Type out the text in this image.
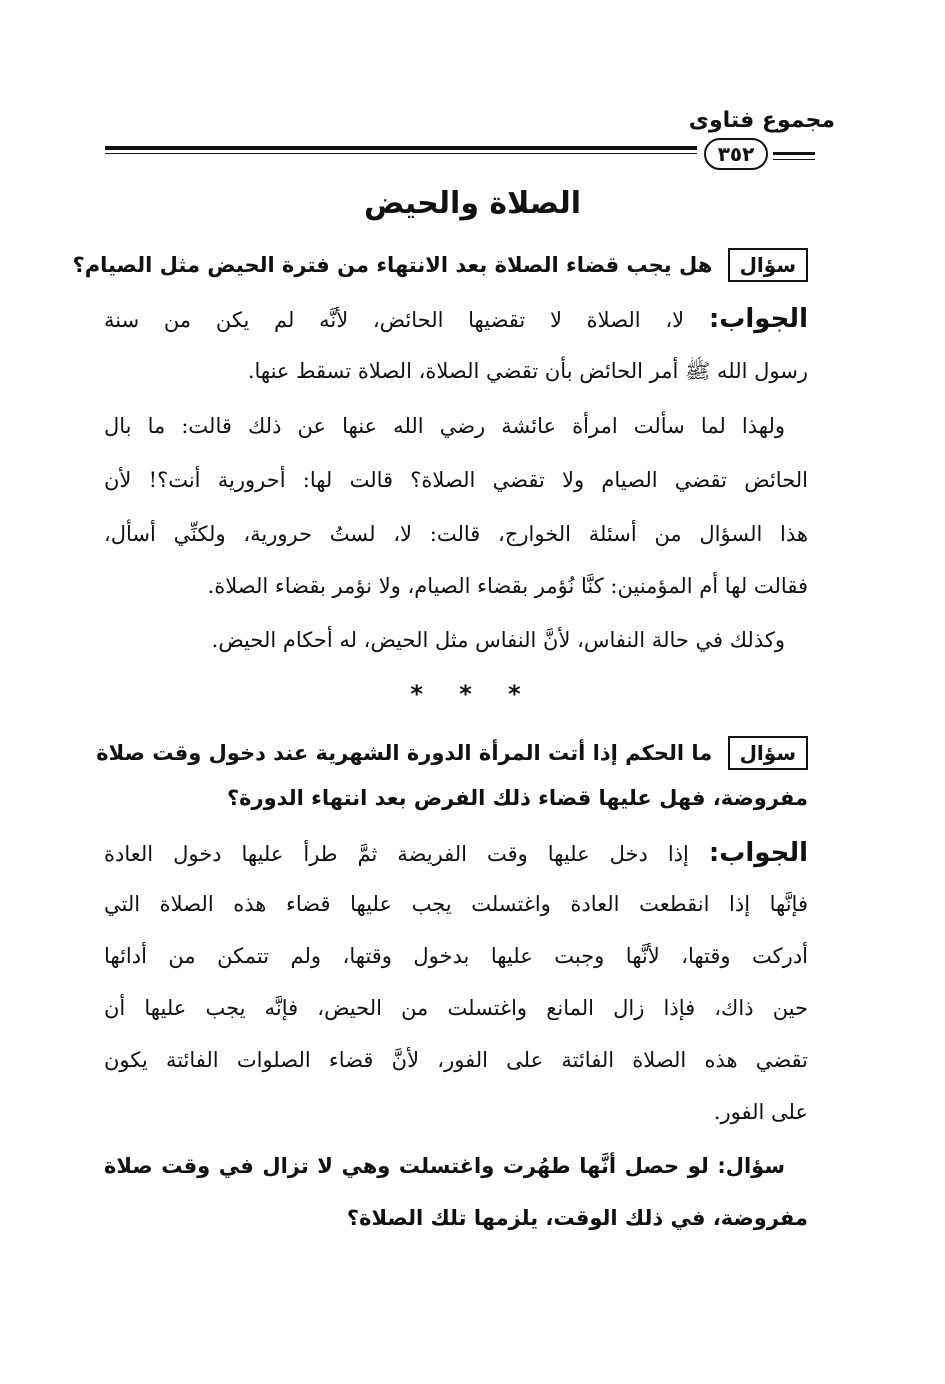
مجموع فتاوى
٣٥٢
الصلاة والحيض
سؤال هل يجب قضاء الصلاة بعد الانتهاء من فترة الحيض مثل الصيام؟
الجواب: لا، الصلاة لا تقضيها الحائض، لأنَّه لم يكن من سنة
رسول الله ﷺ أمر الحائض بأن تقضي الصلاة، الصلاة تسقط عنها.
ولهذا لما سألت امرأة عائشة رضي الله عنها عن ذلك قالت: ما بال
الحائض تقضي الصيام ولا تقضي الصلاة؟ قالت لها: أحرورية أنت؟! لأن
هذا السؤال من أسئلة الخوارج، قالت: لا، لستُ حرورية، ولكنِّي أسأل،
فقالت لها أم المؤمنين: كنَّا نُؤمر بقضاء الصيام، ولا نؤمر بقضاء الصلاة.
وكذلك في حالة النفاس، لأنَّ النفاس مثل الحيض، له أحكام الحيض.
* * *
سؤال ما الحكم إذا أتت المرأة الدورة الشهرية عند دخول وقت صلاة
مفروضة، فهل عليها قضاء ذلك الفرض بعد انتهاء الدورة؟
الجواب: إذا دخل عليها وقت الفريضة ثمَّ طرأ عليها دخول العادة
فإنَّها إذا انقطعت العادة واغتسلت يجب عليها قضاء هذه الصلاة التي
أدركت وقتها، لأنَّها وجبت عليها بدخول وقتها، ولم تتمكن من أدائها
حين ذاك، فإذا زال المانع واغتسلت من الحيض، فإنَّه يجب عليها أن
تقضي هذه الصلاة الفائتة على الفور، لأنَّ قضاء الصلوات الفائتة يكون
على الفور.
سؤال: لو حصل أنَّها طهُرت واغتسلت وهي لا تزال في وقت صلاة
مفروضة، في ذلك الوقت، يلزمها تلك الصلاة؟
